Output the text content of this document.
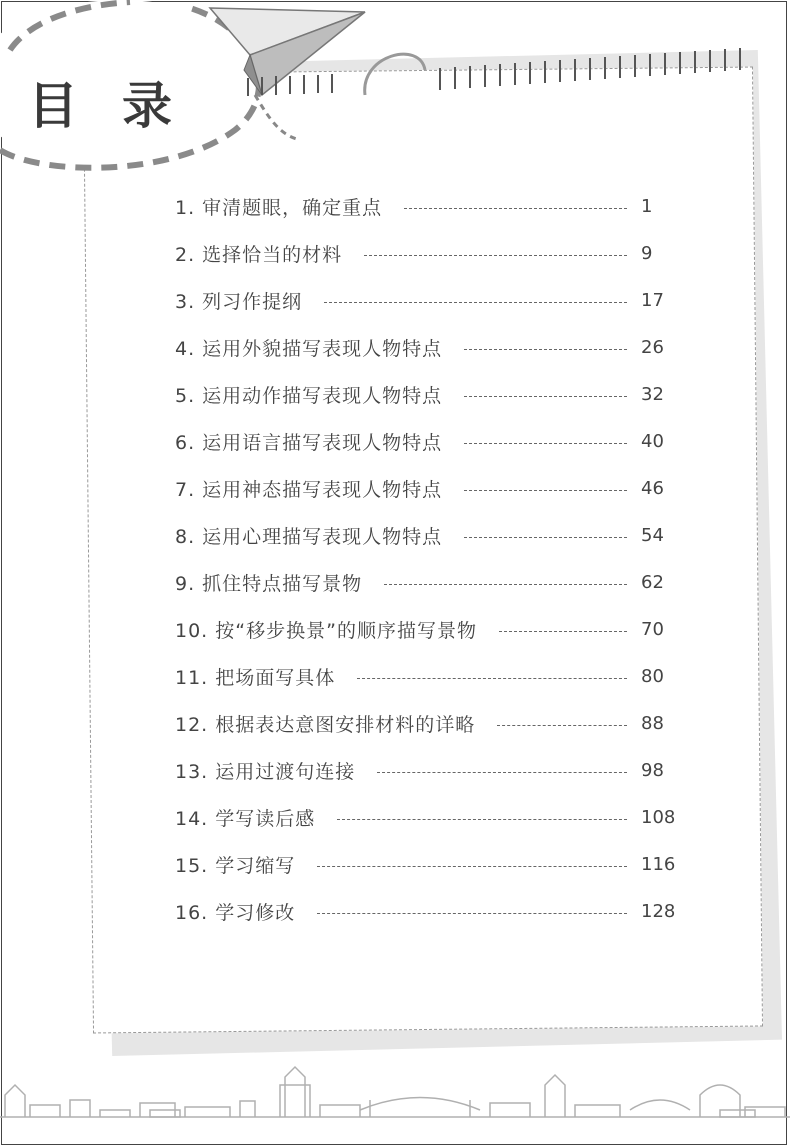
目 录
1. 审清题眼，确定重点	1
2. 选择恰当的材料	9
3. 列习作提纲	17
4. 运用外貌描写表现人物特点	26
5. 运用动作描写表现人物特点	32
6. 运用语言描写表现人物特点	40
7. 运用神态描写表现人物特点	46
8. 运用心理描写表现人物特点	54
9. 抓住特点描写景物	62
10. 按“移步换景”的顺序描写景物	70
11. 把场面写具体	80
12. 根据表达意图安排材料的详略	88
13. 运用过渡句连接	98
14. 学写读后感	108
15. 学习缩写	116
16. 学习修改	128
